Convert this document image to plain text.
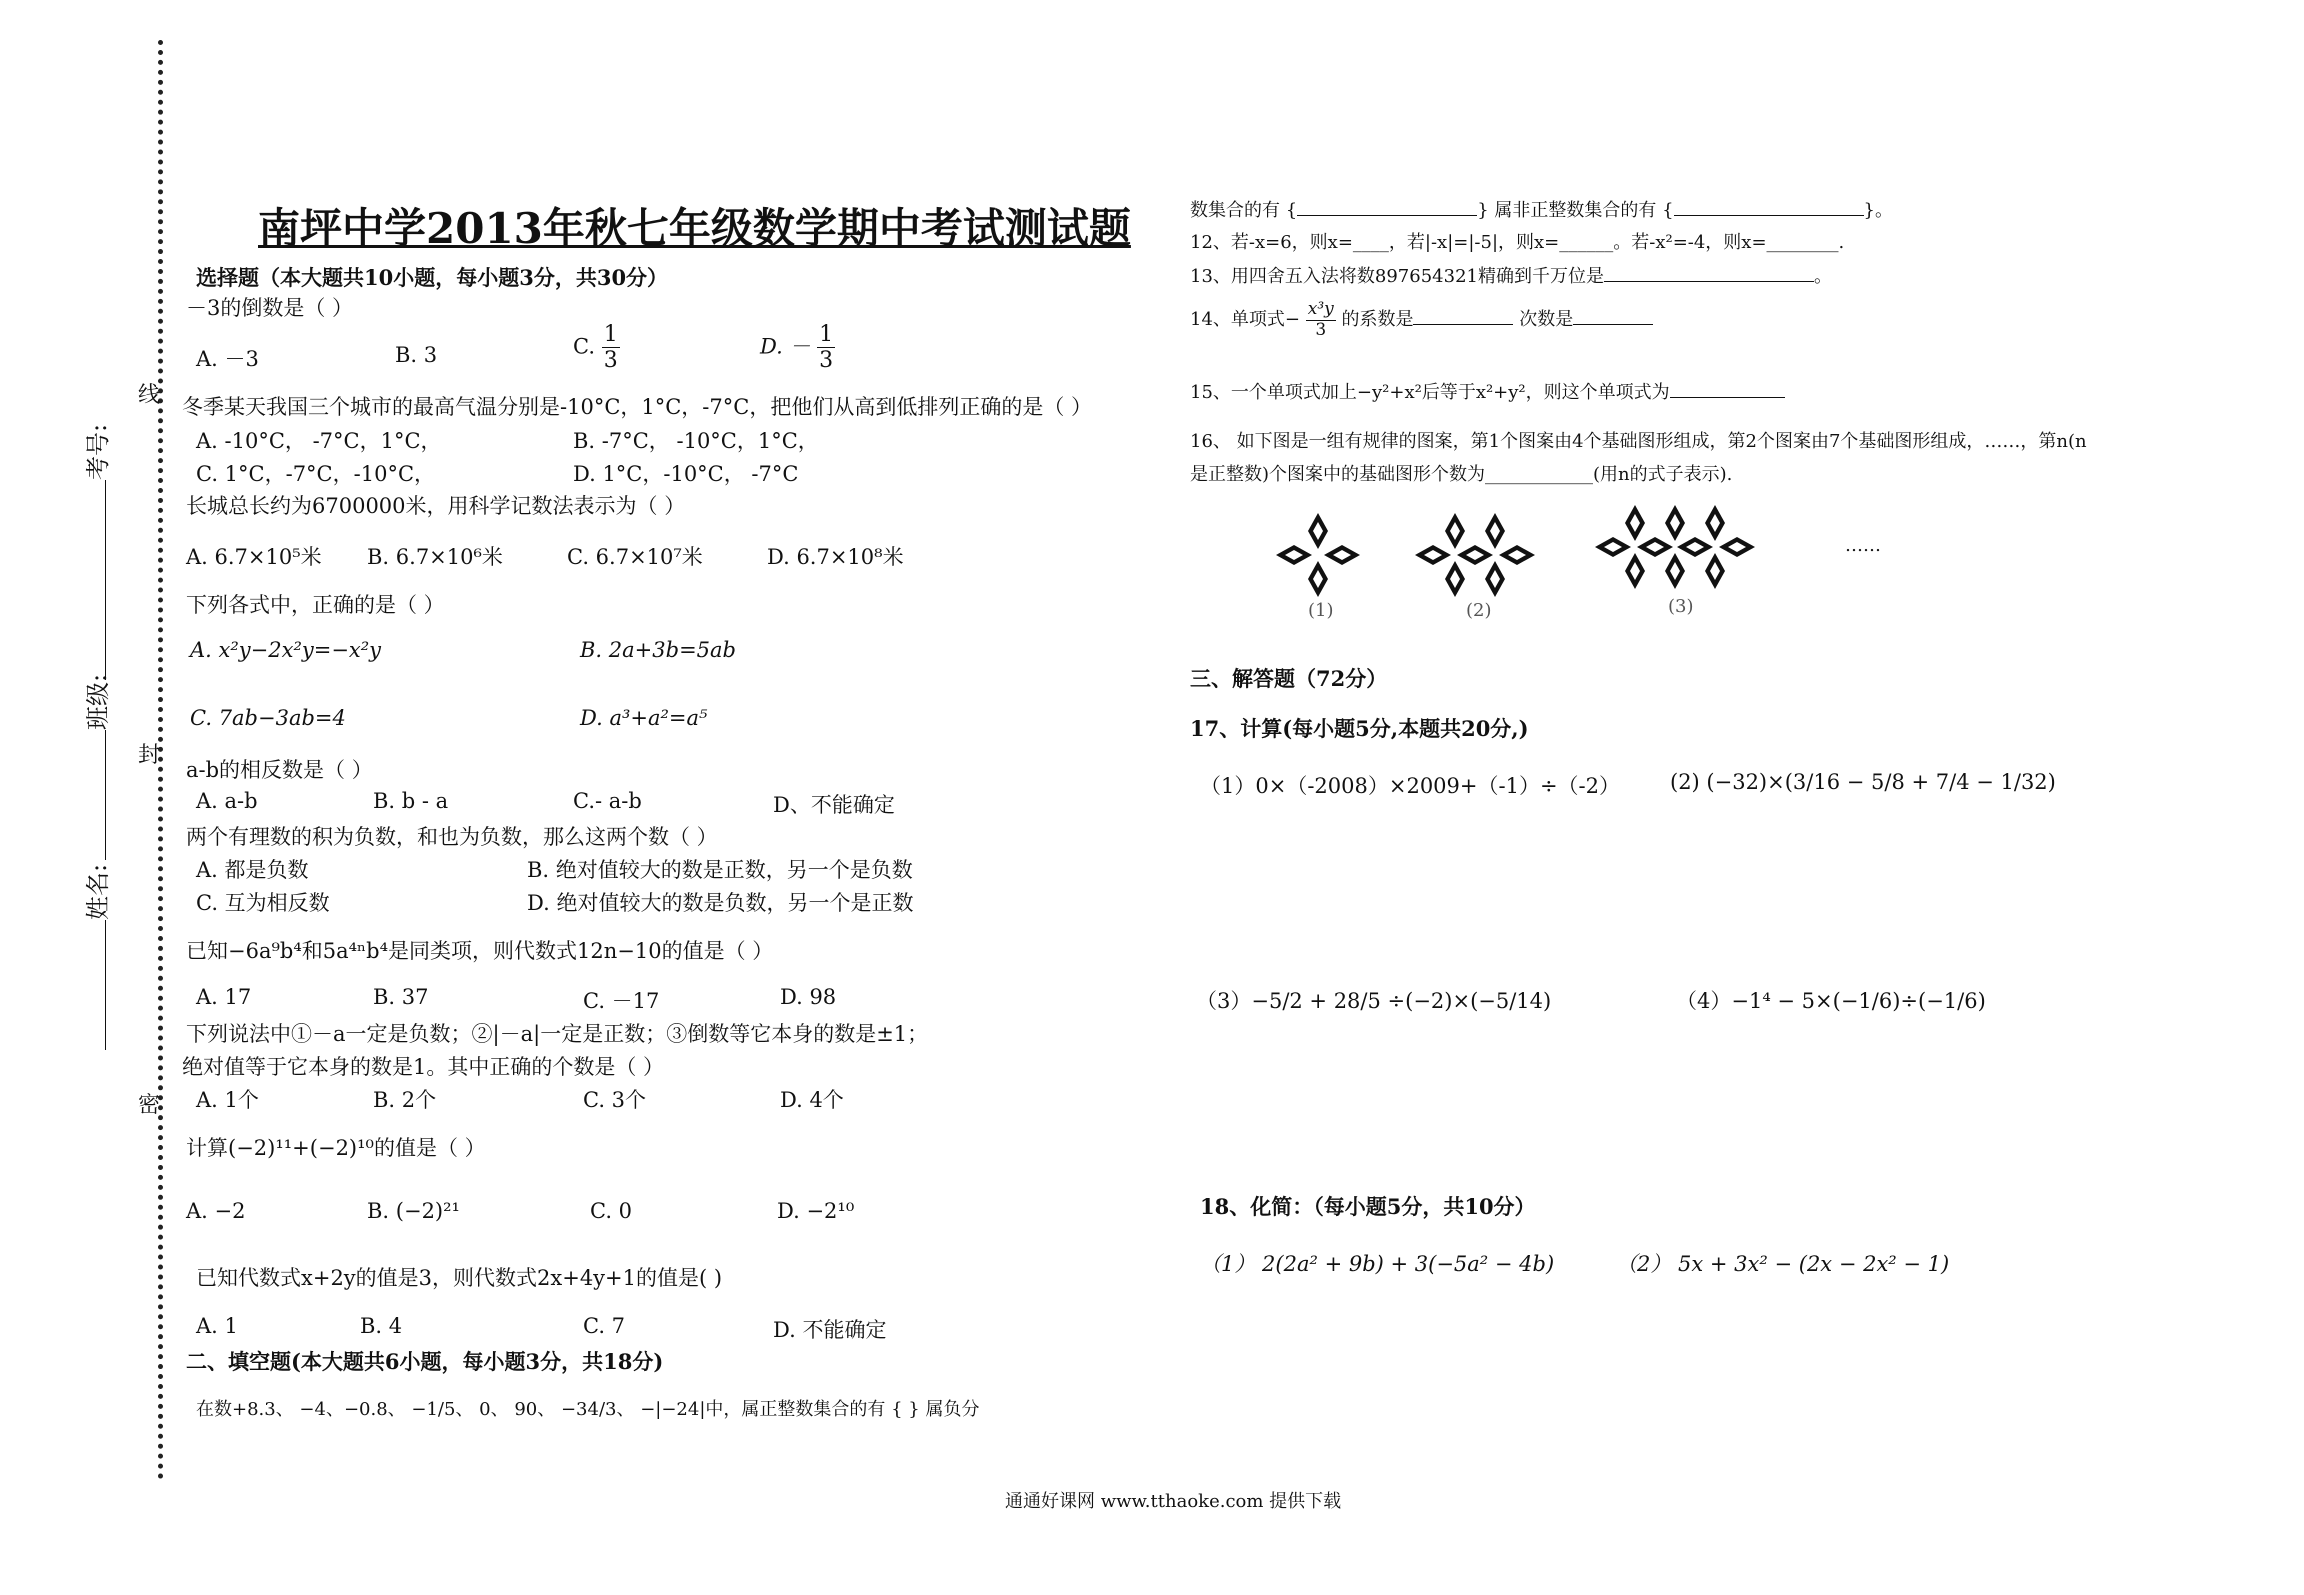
线
封
密
考号:
班级:
姓名:
南坪中学2013年秋七年级数学期中考试测试题
选择题（本大题共10小题，每小题3分，共30分）
－3的倒数是（ ）
A. －3	B. 3	C. $\frac{1}{3}$	D. － $\frac{1}{3}$
冬季某天我国三个城市的最高气温分别是-10°C，1°C，-7°C，把他们从高到低排列正确的是（ ）
A. -10°C， -7°C，1°C，	B. -7°C， -10°C，1°C，
C. 1°C，-7°C，-10°C，	D. 1°C，-10°C， -7°C
长城总长约为6700000米，用科学记数法表示为（ ）
A. 6.7×10⁵米 B. 6.7×10⁶米	C. 6.7×10⁷米	D. 6.7×10⁸米
下列各式中，正确的是（ ）
A. x²y−2x²y=−x²y	B. 2a+3b=5ab
C. 7ab−3ab=4	D. a³+a²=a⁵
a-b的相反数是（ ）
A. a-b	B. b - a	C.- a-b	D、不能确定
两个有理数的积为负数，和也为负数，那么这两个数（ ）
A. 都是负数	B. 绝对值较大的数是正数，另一个是负数
C. 互为相反数	D. 绝对值较大的数是负数，另一个是正数
已知−6a⁹b⁴和5a⁴ⁿb⁴是同类项，则代数式12n−10的值是（ ）
A. 17	B. 37	C. －17	D. 98
下列说法中①－a一定是负数；②|－a|一定是正数；③倒数等它本身的数是±1；
绝对值等于它本身的数是1。其中正确的个数是（ ）
A. 1个	B. 2个	C. 3个	D. 4个
计算(−2)¹¹+(−2)¹⁰的值是（ ）
A. −2	B. (−2)²¹	C. 0	D. −2¹⁰
已知代数式x+2y的值是3，则代数式2x+4y+1的值是( )
A. 1	B. 4	C. 7	D. 不能确定
二、填空题(本大题共6小题，每小题3分，共18分)
在数+8.3、 −4、−0.8、 −1/5、 0、 90、 −34/3、 −|−24|中，属正整数集合的有 { } 属负分
数集合的有 {	} 属非正整数集合的有 {	}。
12、若-x=6，则x=____，若|-x|=|-5|，则x=______。若-x²=-4，则x=________.
13、用四舍五入法将数897654321精确到千万位是	。
14、单项式− $\frac{\text{x³y}}{3}$ 的系数是	次数是
15、一个单项式加上−y²+x²后等于x²+y²，则这个单项式为
16、 如下图是一组有规律的图案，第1个图案由4个基础图形组成，第2个图案由7个基础图形组成，……，第n(n
是正整数)个图案中的基础图形个数为____________(用n的式子表示).
(1)	(2)	(3)
……
三、解答题（72分）
17、计算(每小题5分,本题共20分,)
（1）0×（-2008）×2009+（-1）÷（-2） (2) (−32)×(3/16 − 5/8 + 7/4 − 1/32)
（3）−5/2 + 28/5 ÷(−2)×(−5/14)	（4）−1⁴ − 5×(−1/6)÷(−1/6)
18、化简：（每小题5分，共10分）
（1） 2(2a² + 9b) + 3(−5a² − 4b)	（2） 5x + 3x² − (2x − 2x² − 1)
通通好课网 www.tthaoke.com 提供下载
